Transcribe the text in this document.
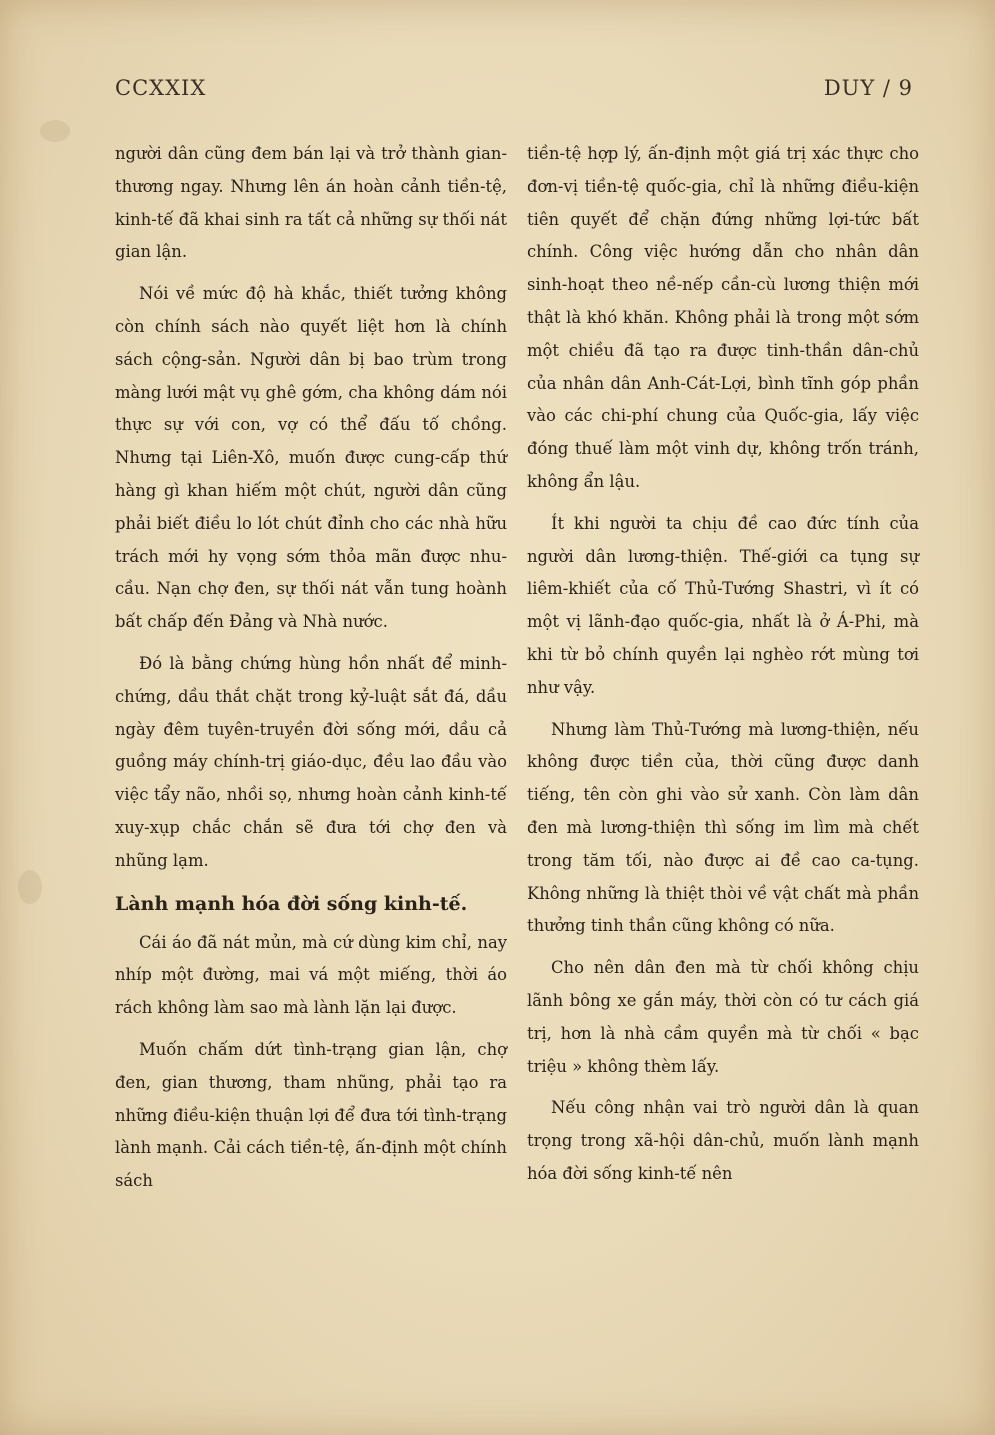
CCXXIX	DUY / 9

người dân cũng đem bán lại và trở thành gian-thương ngay. Nhưng lên án hoàn cảnh tiền-tệ, kinh-tế đã khai sinh ra tất cả những sự thối nát gian lận.

Nói về mức độ hà khắc, thiết tưởng không còn chính sách nào quyết liệt hơn là chính sách cộng-sản. Người dân bị bao trùm trong màng lưới mật vụ ghê gớm, cha không dám nói thực sự với con, vợ có thể đấu tố chồng. Nhưng tại Liên-Xô, muốn được cung-cấp thứ hàng gì khan hiếm một chút, người dân cũng phải biết điều lo lót chút đỉnh cho các nhà hữu trách mới hy vọng sớm thỏa mãn được nhu-cầu. Nạn chợ đen, sự thối nát vẫn tung hoành bất chấp đến Đảng và Nhà nước.

Đó là bằng chứng hùng hồn nhất để minh-chứng, dầu thắt chặt trong kỷ-luật sắt đá, dầu ngày đêm tuyên-truyền đời sống mới, dầu cả guồng máy chính-trị giáo-dục, đều lao đầu vào việc tẩy não, nhồi sọ, nhưng hoàn cảnh kinh-tế xuy-xụp chắc chắn sẽ đưa tới chợ đen và nhũng lạm.

Lành mạnh hóa đời sống kinh-tế.

Cái áo đã nát mủn, mà cứ dùng kim chỉ, nay nhíp một đường, mai vá một miếng, thời áo rách không làm sao mà lành lặn lại được.

Muốn chấm dứt tình-trạng gian lận, chợ đen, gian thương, tham nhũng, phải tạo ra những điều-kiện thuận lợi để đưa tới tình-trạng lành mạnh. Cải cách tiền-tệ, ấn-định một chính sách

tiền-tệ hợp lý, ấn-định một giá trị xác thực cho đơn-vị tiền-tệ quốc-gia, chỉ là những điều-kiện tiên quyết để chặn đứng những lợi-tức bất chính. Công việc hướng dẫn cho nhân dân sinh-hoạt theo nề-nếp cần-cù lương thiện mới thật là khó khăn. Không phải là trong một sớm một chiều đã tạo ra được tinh-thần dân-chủ của nhân dân Anh-Cát-Lợi, bình tĩnh góp phần vào các chi-phí chung của Quốc-gia, lấy việc đóng thuế làm một vinh dự, không trốn tránh, không ẩn lậu.

Ít khi người ta chịu đề cao đức tính của người dân lương-thiện. Thế-giới ca tụng sự liêm-khiết của cố Thủ-Tướng Shastri, vì ít có một vị lãnh-đạo quốc-gia, nhất là ở Á-Phi, mà khi từ bỏ chính quyền lại nghèo rớt mùng tơi như vậy.

Nhưng làm Thủ-Tướng mà lương-thiện, nếu không được tiền của, thời cũng được danh tiếng, tên còn ghi vào sử xanh. Còn làm dân đen mà lương-thiện thì sống im lìm mà chết trong tăm tối, nào được ai đề cao ca-tụng. Không những là thiệt thòi về vật chất mà phần thưởng tinh thần cũng không có nữa.

Cho nên dân đen mà từ chối không chịu lãnh bông xe gắn máy, thời còn có tư cách giá trị, hơn là nhà cầm quyền mà từ chối « bạc triệu » không thèm lấy.

Nếu công nhận vai trò người dân là quan trọng trong xã-hội dân-chủ, muốn lành mạnh hóa đời sống kinh-tế nên
